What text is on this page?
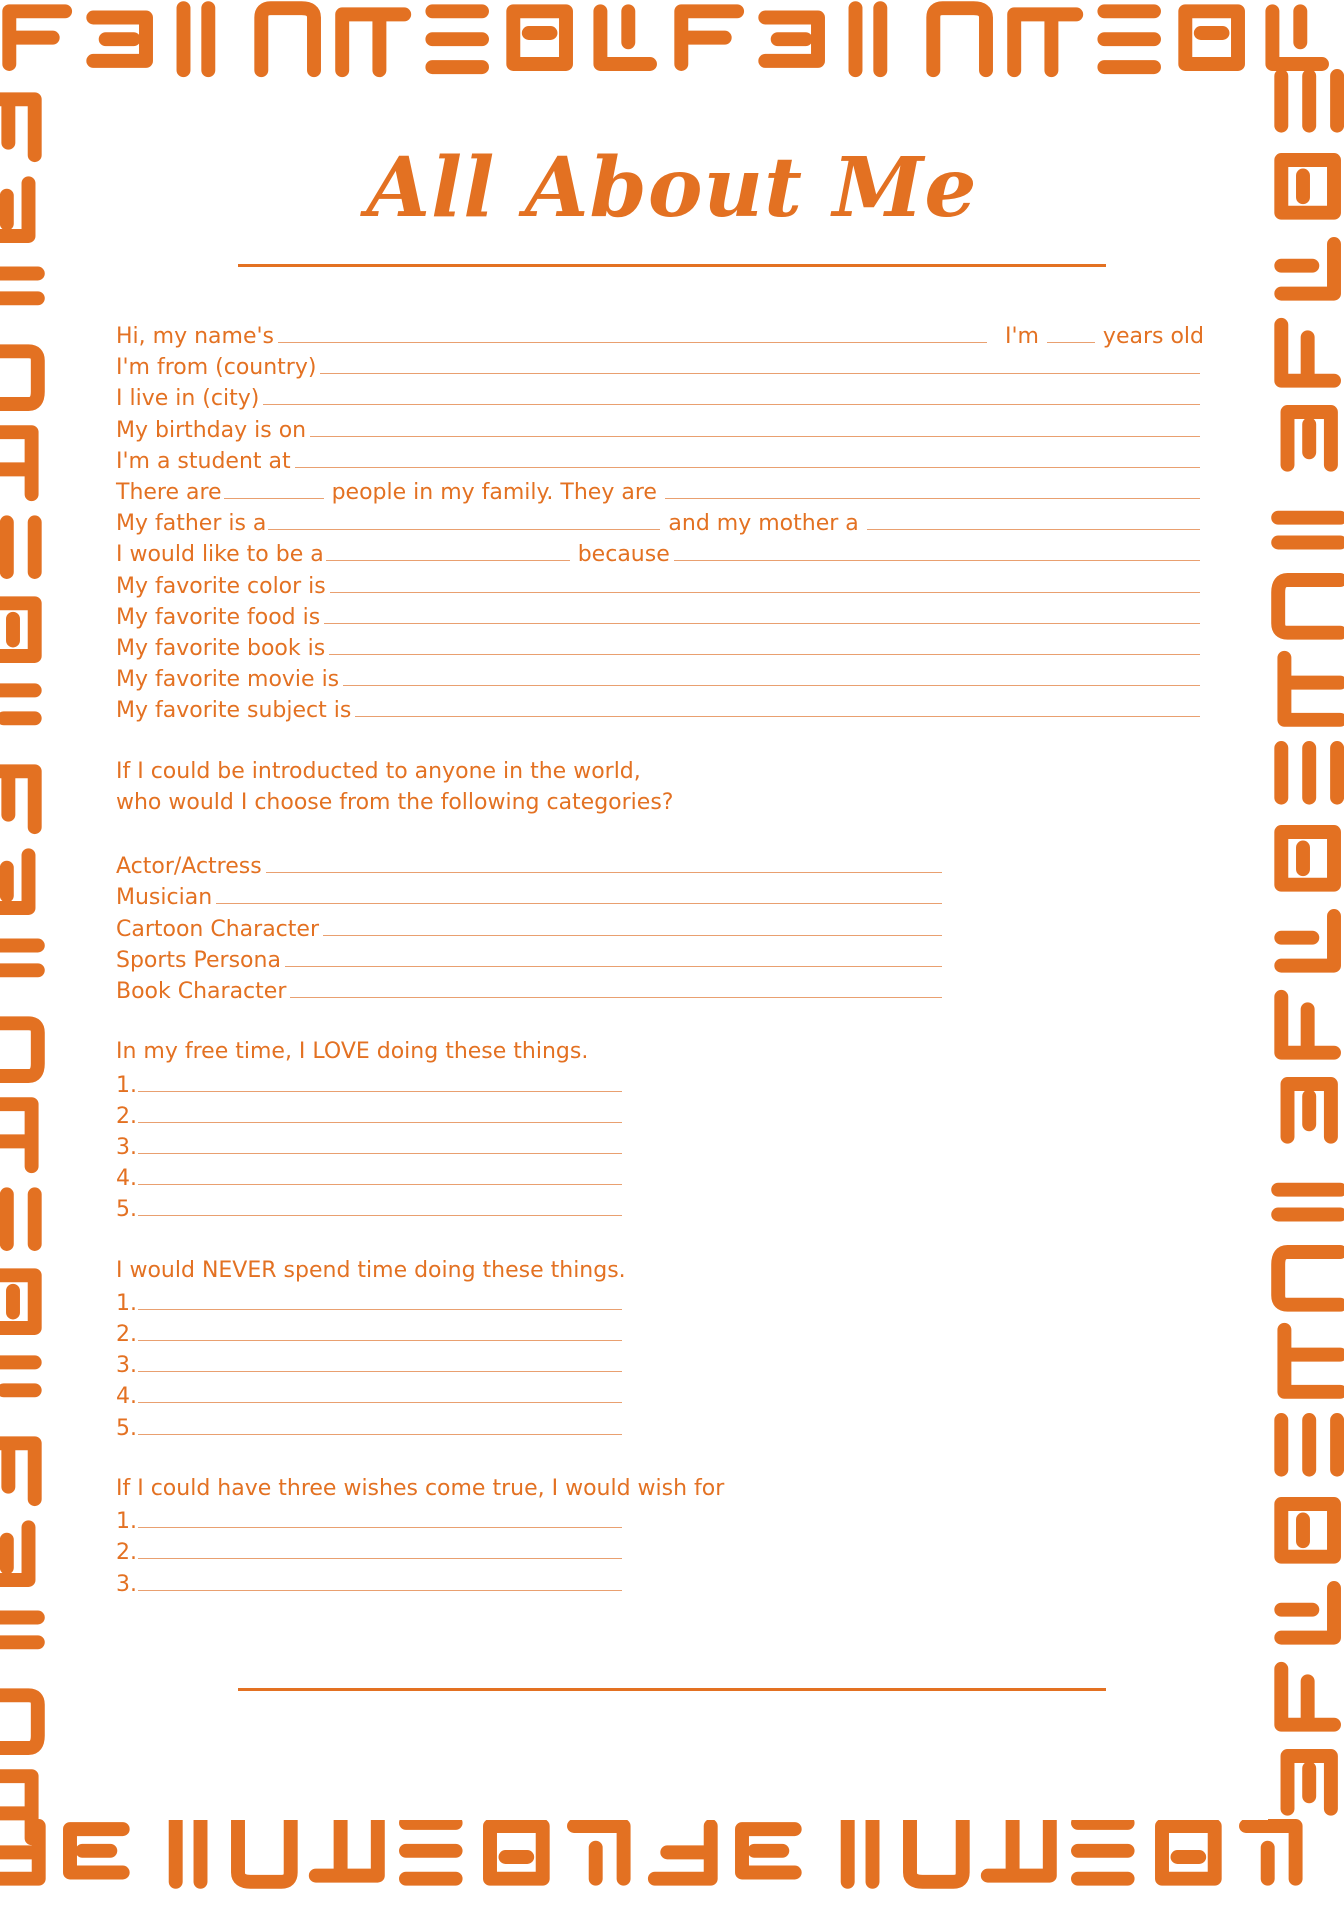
All About Me
Hi, my name's	I'm	years old
I'm from (country)
I live in (city)
My birthday is on
I'm a student at
There are	people in my family. They are
My father is a	and my mother a
I would like to be a	because
My favorite color is
My favorite food is
My favorite book is
My favorite movie is
My favorite subject is
If I could be introducted to anyone in the world,
who would I choose from the following categories?
Actor/Actress
Musician
Cartoon Character
Sports Persona
Book Character
In my free time, I LOVE doing these things.
1.
2.
3.
4.
5.
I would NEVER spend time doing these things.
1.
2.
3.
4.
5.
If I could have three wishes come true, I would wish for
1.
2.
3.
